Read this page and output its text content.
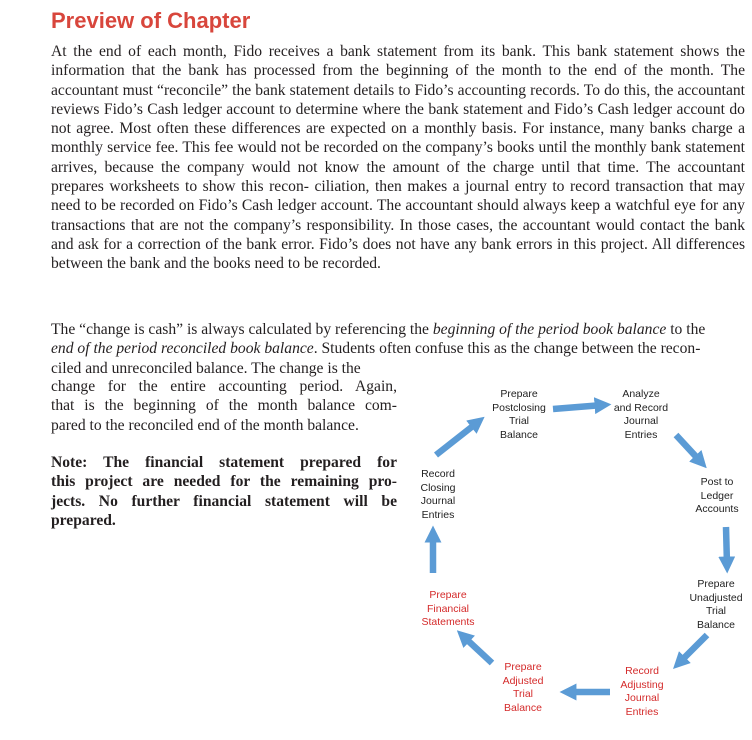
Preview of Chapter

At the end of each month, Fido receives a bank statement from its bank. This bank statement shows the information that the bank has processed from the beginning of the month to the end of the month. The accountant must “reconcile” the bank statement details to Fido’s accounting records. To do this, the accountant reviews Fido’s Cash ledger account to determine where the bank statement and Fido’s Cash ledger account do not agree. Most often these differences are expected on a monthly basis. For instance, many banks charge a monthly service fee. This fee would not be recorded on the company’s books until the monthly bank statement arrives, because the company would not know the amount of the charge until that time. The accountant prepares worksheets to show this recon- ciliation, then makes a journal entry to record transaction that may need to be recorded on Fido’s Cash ledger account. The accountant should always keep a watchful eye for any transactions that are not the company’s responsibility. In those cases, the accountant would contact the bank and ask for a correction of the bank error. Fido’s does not have any bank errors in this project. All differences between the bank and the books need to be recorded.

The “change is cash” is always calculated by referencing the beginning of the period book balance to the
end of the period reconciled book balance. Students often confuse this as the change between the recon-
ciled and unreconciled balance. The change is the

change for the entire accounting period. Again,
that is the beginning of the month balance com-
pared to the reconciled end of the month balance.

Note: The financial statement prepared for
this project are needed for the remaining pro-
jects. No further financial statement will be
prepared.

Prepare
Postclosing
Trial
Balance
Analyze
and Record
Journal
Entries
Post to
Ledger
Accounts
Prepare
Unadjusted
Trial
Balance
Record
Adjusting
Journal
Entries
Prepare
Adjusted
Trial
Balance
Prepare
Financial
Statements
Record
Closing
Journal
Entries
